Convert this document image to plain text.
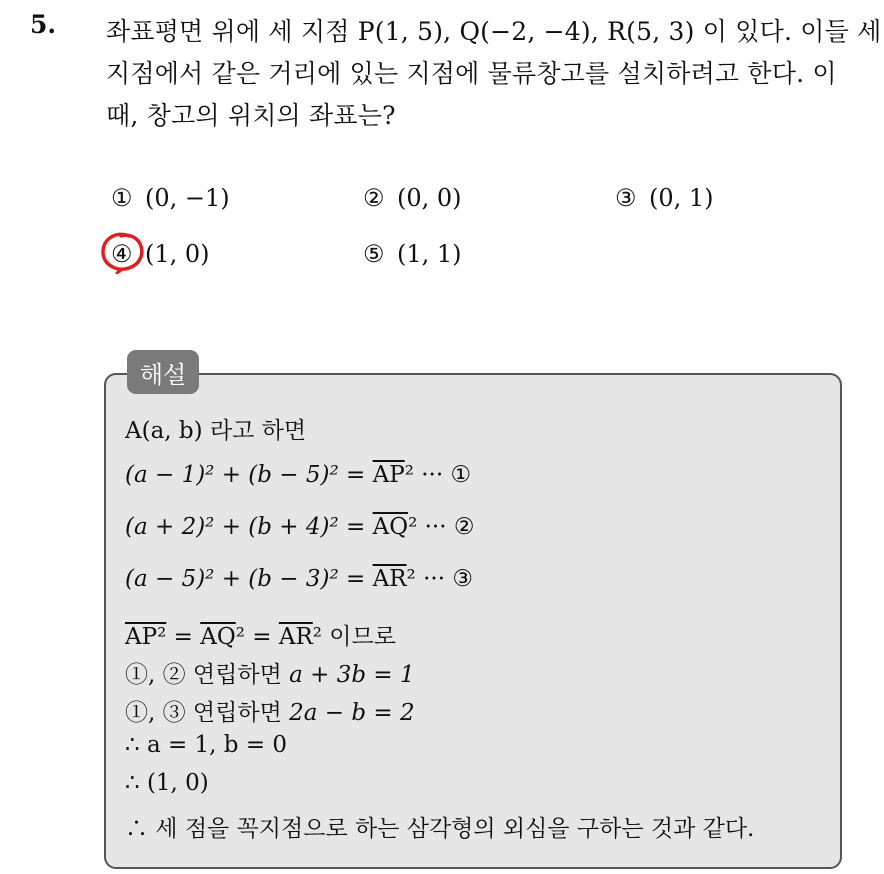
5. 좌표평면 위에 세 지점 P(1, 5), Q(−2, −4), R(5, 3) 이 있다. 이들 세
지점에서 같은 거리에 있는 지점에 물류창고를 설치하려고 한다. 이
때, 창고의 위치의 좌표는?
① (0, −1)	② (0, 0)	③ (0, 1)
④ (1, 0)	⑤ (1, 1)
해설
A(a, b) 라고 하면
$(a - 1)^2 + (b - 5)^2 = \overline{AP}^2$ ··· ①
$(a + 2)^2 + (b + 4)^2 = \overline{AQ}^2$ ··· ②
$(a - 5)^2 + (b - 3)^2 = \overline{AR}^2$ ··· ③
$AP^2 = \overline{AQ}^2 = \overline{AR}^2$ 이므로
①, ② 연립하면 a + 3b = 1
①, ③ 연립하면 2a − b = 2
∴ a = 1, b = 0
∴ (1, 0)
∴ 세 점을 꼭지점으로 하는 삼각형의 외심을 구하는 것과 같다.
